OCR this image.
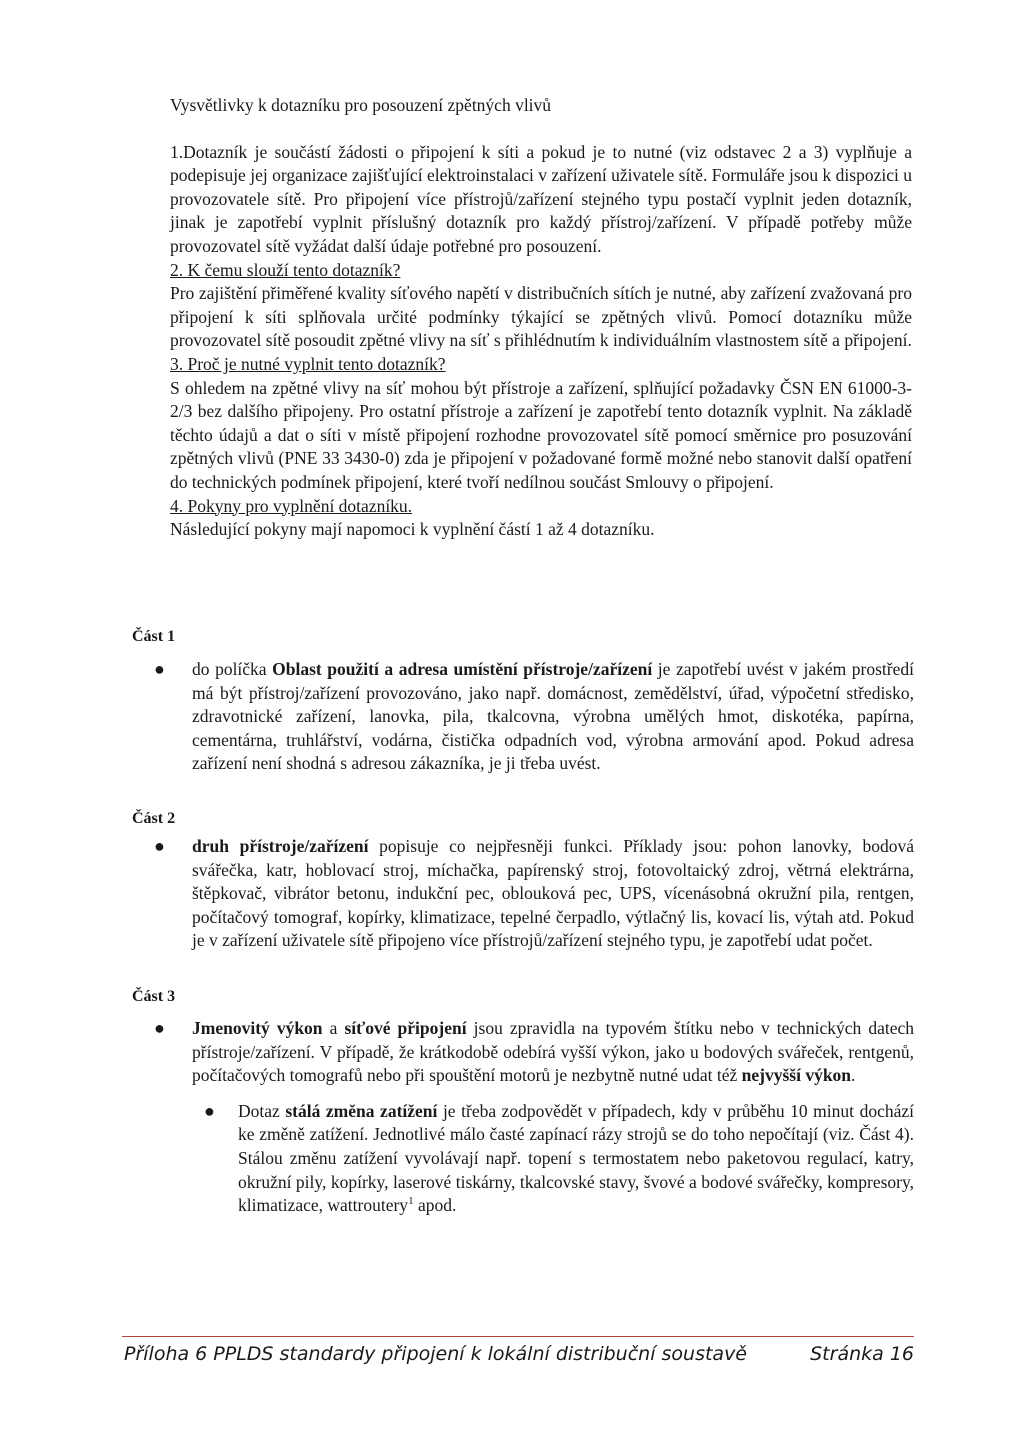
Vysvětlivky k dotazníku pro posouzení zpětných vlivů

1.Dotazník je součástí žádosti o připojení k síti a pokud je to nutné (viz odstavec 2 a 3) vyplňuje a podepisuje jej organizace zajišťující elektroinstalaci v zařízení uživatele sítě. Formuláře jsou k dispozici u provozovatele sítě. Pro připojení více přístrojů/zařízení stejného typu postačí vyplnit jeden dotazník, jinak je zapotřebí vyplnit příslušný dotazník pro každý přístroj/zařízení. V případě potřeby může provozovatel sítě vyžádat další údaje potřebné pro posouzení.

2. K čemu slouží tento dotazník?

Pro zajištění přiměřené kvality síťového napětí v distribučních sítích je nutné, aby zařízení zvažovaná pro připojení k síti splňovala určité podmínky týkající se zpětných vlivů. Pomocí dotazníku může provozovatel sítě posoudit zpětné vlivy na síť s přihlédnutím k individuálním vlastnostem sítě a připojení.

3. Proč je nutné vyplnit tento dotazník?

S ohledem na zpětné vlivy na síť mohou být přístroje a zařízení, splňující požadavky ČSN EN 61000-3-2/3 bez dalšího připojeny. Pro ostatní přístroje a zařízení je zapotřebí tento dotazník vyplnit. Na základě těchto údajů a dat o síti v místě připojení rozhodne provozovatel sítě pomocí směrnice pro posuzování zpětných vlivů (PNE 33 3430-0) zda je připojení v požadované formě možné nebo stanovit další opatření do technických podmínek připojení, které tvoří nedílnou součást Smlouvy o připojení.

4. Pokyny pro vyplnění dotazníku.

Následující pokyny mají napomoci k vyplnění částí 1 až 4 dotazníku.

Část 1
●	do políčka Oblast použití a adresa umístění přístroje/zařízení je zapotřebí uvést v jakém prostředí má být přístroj/zařízení provozováno, jako např. domácnost, zemědělství, úřad, výpočetní středisko, zdravotnické zařízení, lanovka, pila, tkalcovna, výrobna umělých hmot, diskotéka, papírna, cementárna, truhlářství, vodárna, čistička odpadních vod, výrobna armování apod. Pokud adresa zařízení není shodná s adresou zákazníka, je ji třeba uvést.
Část 2
●	druh přístroje/zařízení popisuje co nejpřesněji funkci. Příklady jsou: pohon lanovky, bodová svářečka, katr, hoblovací stroj, míchačka, papírenský stroj, fotovoltaický zdroj, větrná elektrárna, štěpkovač, vibrátor betonu, indukční pec, oblouková pec, UPS, vícenásobná okružní pila, rentgen, počítačový tomograf, kopírky, klimatizace, tepelné čerpadlo, výtlačný lis, kovací lis, výtah atd. Pokud je v zařízení uživatele sítě připojeno více přístrojů/zařízení stejného typu, je zapotřebí udat počet.
Část 3
●	Jmenovitý výkon a síťové připojení jsou zpravidla na typovém štítku nebo v technických datech přístroje/zařízení. V případě, že krátkodobě odebírá vyšší výkon, jako u bodových svářeček, rentgenů, počítačových tomografů nebo při spouštění motorů je nezbytně nutné udat též nejvyšší výkon.
●	Dotaz stálá změna zatížení je třeba zodpovědět v případech, kdy v průběhu 10 minut dochází ke změně zatížení. Jednotlivé málo časté zapínací rázy strojů se do toho nepočítají (viz. Část 4). Stálou změnu zatížení vyvolávají např. topení s termostatem nebo paketovou regulací, katry, okružní pily, kopírky, laserové tiskárny, tkalcovské stavy, švové a bodové svářečky, kompresory, klimatizace, wattroutery$^1$ apod.
Příloha 6 PPLDS standardy připojení k lokální distribuční soustavě	Stránka 16
